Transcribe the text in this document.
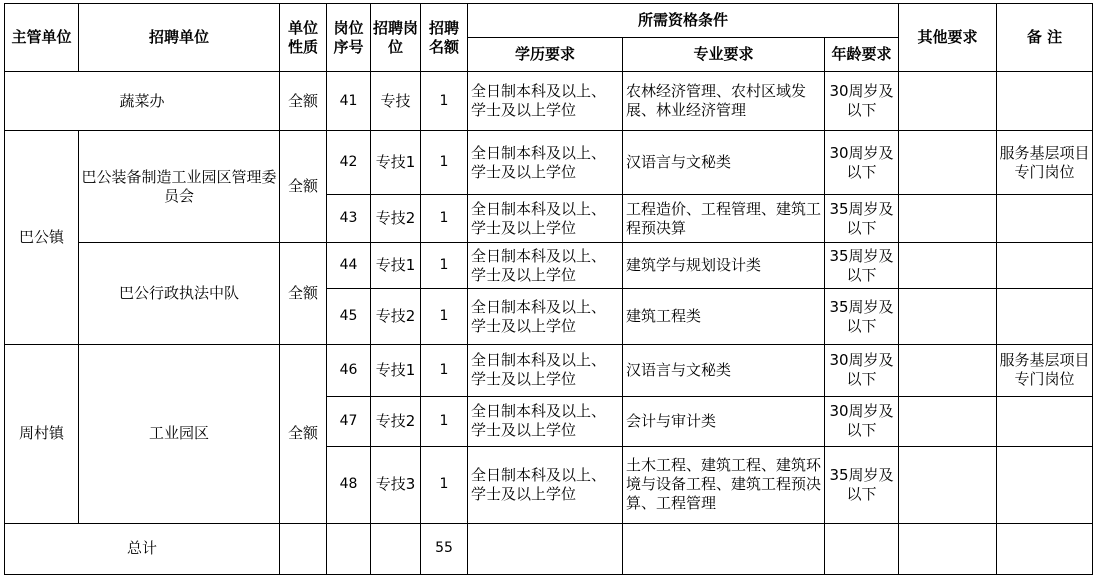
主管单位	招聘单位	单位性质	岗位序号	招聘岗位	招聘名额	所需资格条件			其他要求	备 注
						学历要求	专业要求	年龄要求		
蔬菜办		全额	41	专技	1	全日制本科及以上、学士及以上学位	农林经济管理、农村区域发展、林业经济管理	30周岁及以下		
巴公镇	巴公装备制造工业园区管理委员会	全额	42	专技1	1	全日制本科及以上、学士及以上学位	汉语言与文秘类	30周岁及以下		服务基层项目专门岗位
			43	专技2	1	全日制本科及以上、学士及以上学位	工程造价、工程管理、建筑工程预决算	35周岁及以下		
	巴公行政执法中队	全额	44	专技1	1	全日制本科及以上、学士及以上学位	建筑学与规划设计类	35周岁及以下		
			45	专技2	1	全日制本科及以上、学士及以上学位	建筑工程类	35周岁及以下		
周村镇	工业园区	全额	46	专技1	1	全日制本科及以上、学士及以上学位	汉语言与文秘类	30周岁及以下		服务基层项目专门岗位
			47	专技2	1	全日制本科及以上、学士及以上学位	会计与审计类	30周岁及以下		
			48	专技3	1	全日制本科及以上、学士及以上学位	土木工程、建筑工程、建筑环境与设备工程、建筑工程预决算、工程管理	35周岁及以下		
总计					55					
